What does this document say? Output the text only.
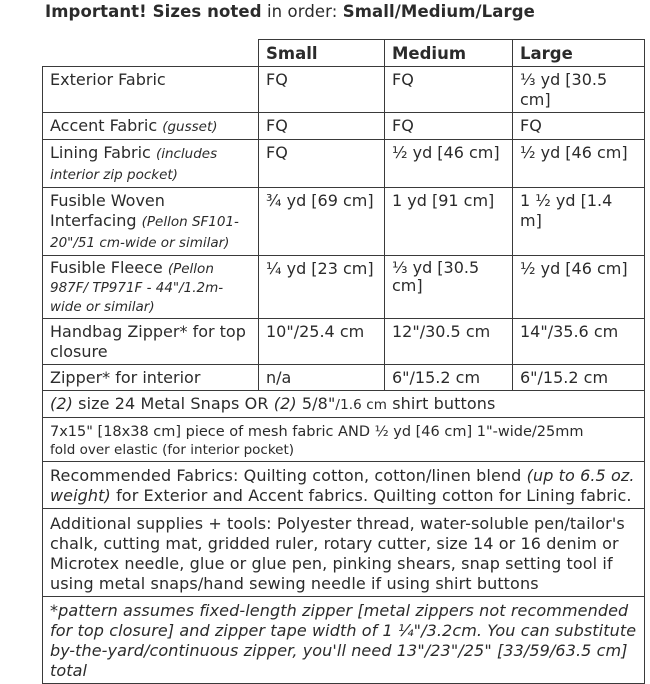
Important! Sizes noted in order: Small/Medium/Large
	Small	Medium	Large
Exterior Fabric	FQ	FQ	⅓ yd [30.5 cm]
Accent Fabric (gusset)	FQ	FQ	FQ
Lining Fabric (includes interior zip pocket)	FQ	½ yd [46 cm]	½ yd [46 cm]
Fusible Woven Interfacing (Pellon SF101- 20"/51 cm-wide or similar)	¾ yd [69 cm]	1 yd [91 cm]	1 ½ yd [1.4 m]
Fusible Fleece (Pellon 987F/ TP971F - 44"/1.2m-wide or similar)	¼ yd [23 cm]	⅓ yd [30.5 cm]	½ yd [46 cm]
Handbag Zipper* for top closure	10"/25.4 cm	12"/30.5 cm	14"/35.6 cm
Zipper* for interior	n/a	6"/15.2 cm	6"/15.2 cm
(2) size 24 Metal Snaps OR (2) 5/8"/1.6 cm shirt buttons			
7x15" [18x38 cm] piece of mesh fabric AND ½ yd [46 cm] 1"-wide/25mm
fold over elastic (for interior pocket)			
Recommended Fabrics: Quilting cotton, cotton/linen blend (up to 6.5 oz. weight) for Exterior and Accent fabrics. Quilting cotton for Lining fabric.			
Additional supplies + tools: Polyester thread, water-soluble pen/tailor's chalk, cutting mat, gridded ruler, rotary cutter, size 14 or 16 denim or Microtex needle, glue or glue pen, pinking shears, snap setting tool if using metal snaps/hand sewing needle if using shirt buttons			
*pattern assumes fixed-length zipper [metal zippers not recommended for top closure] and zipper tape width of 1 ¼"/3.2cm. You can substitute by-the-yard/continuous zipper, you'll need 13"/23"/25" [33/59/63.5 cm] total			
